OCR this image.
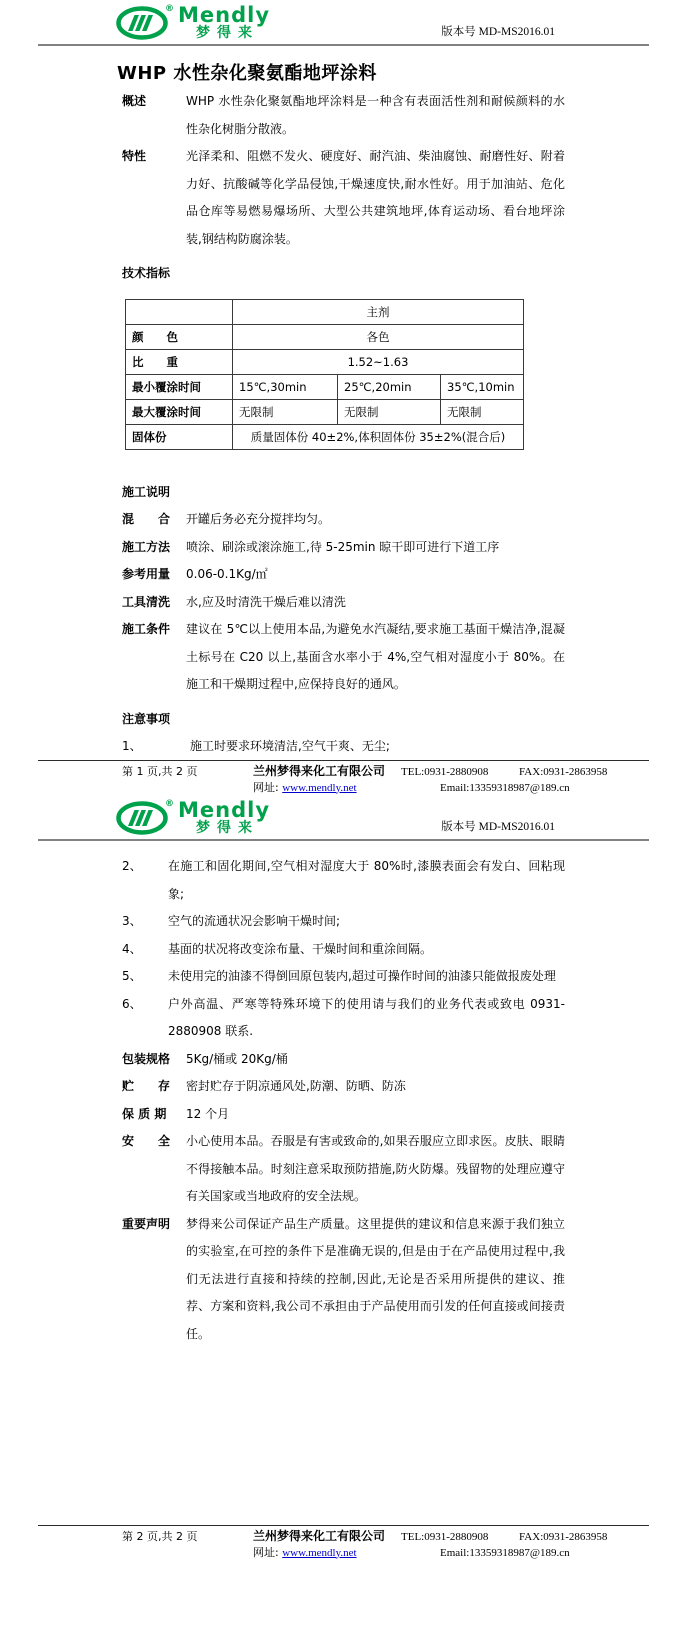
® Mendly
梦得来	版本号 MD-MS2016.01
WHP 水性杂化聚氨酯地坪涂料
概述	WHP 水性杂化聚氨酯地坪涂料是一种含有表面活性剂和耐候颜料的水性杂化树脂分散液。
特性	光泽柔和、阻燃不发火、硬度好、耐汽油、柴油腐蚀、耐磨性好、附着力好、抗酸碱等化学品侵蚀,干燥速度快,耐水性好。用于加油站、危化品仓库等易燃易爆场所、大型公共建筑地坪,体育运动场、看台地坪涂装,钢结构防腐涂装。
技术指标
	主剂		
颜　　色	各色		
比　　重	1.52~1.63		
最小覆涂时间	15℃,30min	25℃,20min	35℃,10min
最大覆涂时间	无限制	无限制	无限制
固体份	质量固体份 40±2%,体积固体份 35±2%(混合后)		
施工说明
混　　合	开罐后务必充分搅拌均匀。
施工方法	喷涂、刷涂或滚涂施工,待 5-25min 晾干即可进行下道工序
参考用量	0.06-0.1Kg/㎡
工具清洗	水,应及时清洗干燥后难以清洗
施工条件	建议在 5℃以上使用本品,为避免水汽凝结,要求施工基面干燥洁净,混凝土标号在 C20 以上,基面含水率小于 4%,空气相对湿度小于 80%。在施工和干燥期过程中,应保持良好的通风。
注意事项
1、	施工时要求环境清洁,空气干爽、无尘;
第 1 页,共 2 页	兰州梦得来化工有限公司	TEL:0931-2880908	FAX:0931-2863958
网址: www.mendly.net	Email:13359318987@189.cn
® Mendly
梦得来	版本号 MD-MS2016.01
2、	在施工和固化期间,空气相对湿度大于 80%时,漆膜表面会有发白、回粘现象;
3、	空气的流通状况会影响干燥时间;
4、	基面的状况将改变涂布量、干燥时间和重涂间隔。
5、	未使用完的油漆不得倒回原包装内,超过可操作时间的油漆只能做报废处理
6、	户外高温、严寒等特殊环境下的使用请与我们的业务代表或致电 0931-2880908 联系.
包装规格	5Kg/桶或 20Kg/桶
贮　　存	密封贮存于阴凉通风处,防潮、防晒、防冻
保 质 期	12 个月
安　　全	小心使用本品。吞服是有害或致命的,如果吞服应立即求医。皮肤、眼睛不得接触本品。时刻注意采取预防措施,防火防爆。残留物的处理应遵守有关国家或当地政府的安全法规。
重要声明	梦得来公司保证产品生产质量。这里提供的建议和信息来源于我们独立的实验室,在可控的条件下是准确无误的,但是由于在产品使用过程中,我们无法进行直接和持续的控制,因此,无论是否采用所提供的建议、推荐、方案和资料,我公司不承担由于产品使用而引发的任何直接或间接责任。
第 2 页,共 2 页	兰州梦得来化工有限公司	TEL:0931-2880908	FAX:0931-2863958
网址: www.mendly.net	Email:13359318987@189.cn
